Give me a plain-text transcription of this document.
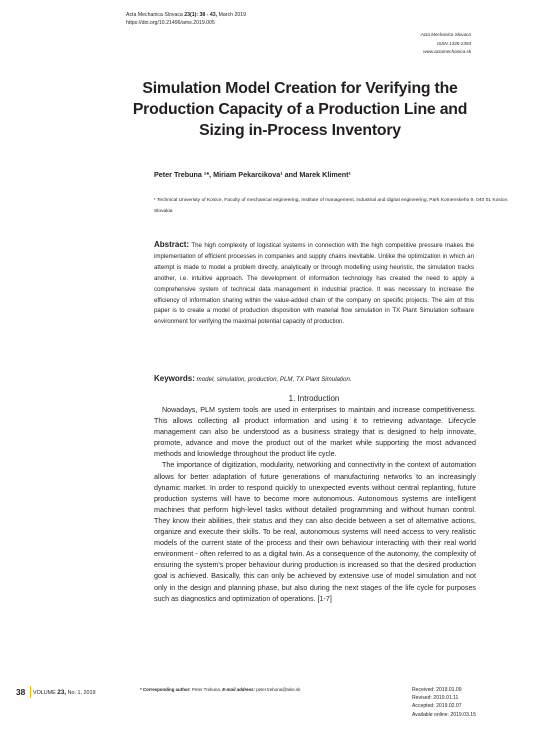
Acta Mechanica Slovaca 23(1): 38 - 43, March 2019
https://doi.org/10.21496/ams.2019.005
Acta Mechanica Slovaca
ISSN 1335-2393
www.actamechanica.sk
Simulation Model Creation for Verifying the Production Capacity of a Production Line and Sizing in-Process Inventory
Peter Trebuna ¹*, Miriam Pekarcikova¹ and Marek Kliment¹
¹ Technical University of Kosice, Faculty of mechanical engineering, Institute of management, industrial and digital engineering, Park Komenskeho 9, 040 01 Kosice, Slovakia
Abstract: The high complexity of logistical systems in connection with the high competitive pressure makes the implementation of efficient processes in companies and supply chains inevitable. Unlike the optimization in which an attempt is made to model a problem directly, analytically or through modelling using heuristic, the simulation tracks another, i.e. intuitive approach. The development of information technology has created the need to apply a comprehensive system of technical data management in industrial practice. It was necessary to increase the efficiency of information sharing within the value-added chain of the company on specific projects. The aim of this paper is to create a model of production disposition with material flow simulation in TX Plant Simulation software environment for verifying the maximal potential capacity of production.
Keywords: model, simulation, production, PLM, TX Plant Simulation.
1. Introduction

Nowadays, PLM system tools are used in enterprises to maintain and increase competitiveness. This allows collecting all product information and using it to retrieving advantage. Lifecycle management can also be understood as a business strategy that is designed to help innovate, promote, advance and move the product out of the market while supporting the most advanced methods and knowledge throughout the product life cycle.

The importance of digitization, modularity, networking and connectivity in the context of automation allows for better adaptation of future generations of manufacturing networks to an increasingly dynamic market. In order to respond quickly to unexpected events without central replanting, future production systems will have to become more autonomous. Autonomous systems are intelligent machines that perform high-level tasks without detailed programming and without human control. They know their abilities, their status and they can also decide between a set of alternative actions, organize and execute their skills. To be real, autonomous systems will need access to very realistic models of the current state of the process and their own behaviour interacting with their real world environment - often referred to as a digital twin. As a consequence of the autonomy, the complexity of ensuring the system's proper behaviour during production is increased so that the desired production goal is achieved. Basically, this can only be achieved by extensive use of model simulation and not only in the design and planning phase, but also during the next stages of the life cycle for purposes such as diagnostics and optimization of operations. [1-7]

38 VOLUME 23, No. 1, 2019
* Corresponding author: Peter Trebuna, E-mail address: peter.trebuna@tuke.sk	Received: 2019.01.09
Revised: 2019.01.11
Accepted: 2019.02.07
Available online: 2019.03.15
